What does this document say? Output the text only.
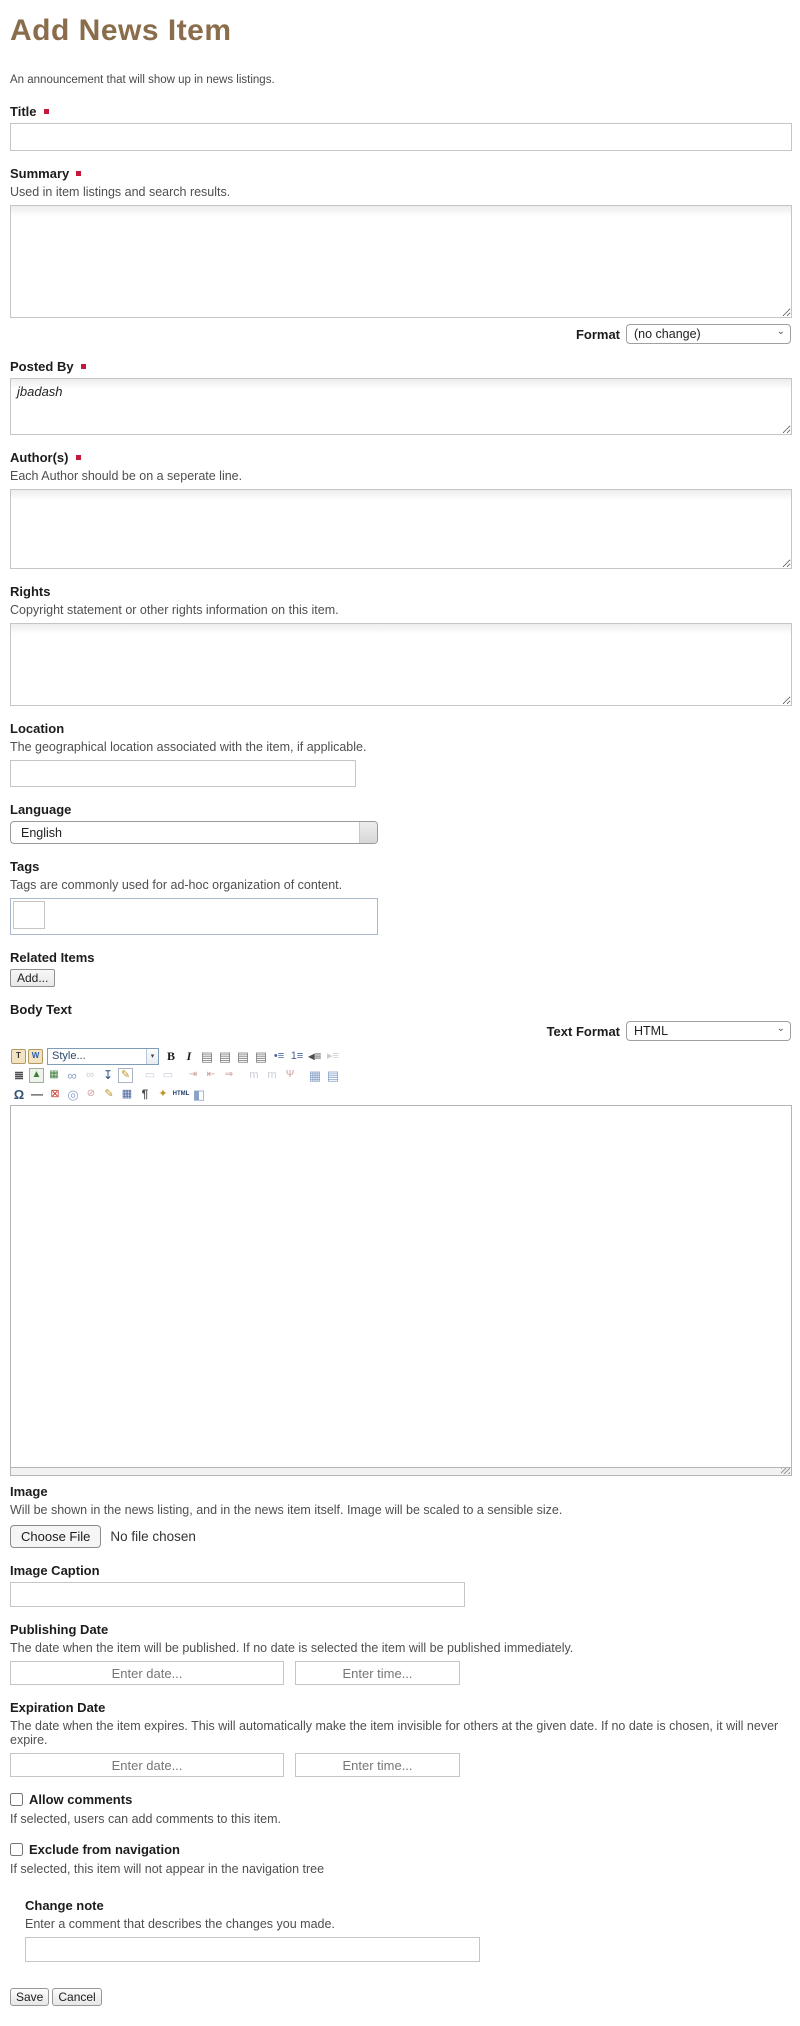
Add News Item
An announcement that will show up in news listings.
Title
Summary
Used in item listings and search results.
Format
(no change)	⌄
Posted By
jbadash
Author(s)
Each Author should be on a seperate line.
Rights
Copyright statement or other rights information on this item.
Location
The geographical location associated with the item, if applicable.
Language
English
Tags
Tags are commonly used for ad-hoc organization of content.
Related Items
Add...
Body Text
Text Format
HTML	⌄
T	W	Style...	▾	B I ▤ ▤ ▤ ▤ •≡ 1≡ ◂≡ ▸≡
≣ ▲ ▦ ∞ ∞ ↧ ✎ ▭ ▭	⇥ ⇤ ⇒	m m Ψ ▦ ▤
Ω — ⊠ ◎ ⊘ ✎ ▦ ¶ ✦ HTML ◧
Image
Will be shown in the news listing, and in the news item itself. Image will be scaled to a sensible size.
Choose File	No file chosen
Image Caption
Publishing Date
The date when the item will be published. If no date is selected the item will be published immediately.
Enter date...
Enter time...
Expiration Date
The date when the item expires. This will automatically make the item invisible for others at the given date. If no date is chosen, it will never expire.
Enter date...
Enter time...
Allow comments
If selected, users can add comments to this item.
Exclude from navigation
If selected, this item will not appear in the navigation tree
Change note
Enter a comment that describes the changes you made.
Save	Cancel
